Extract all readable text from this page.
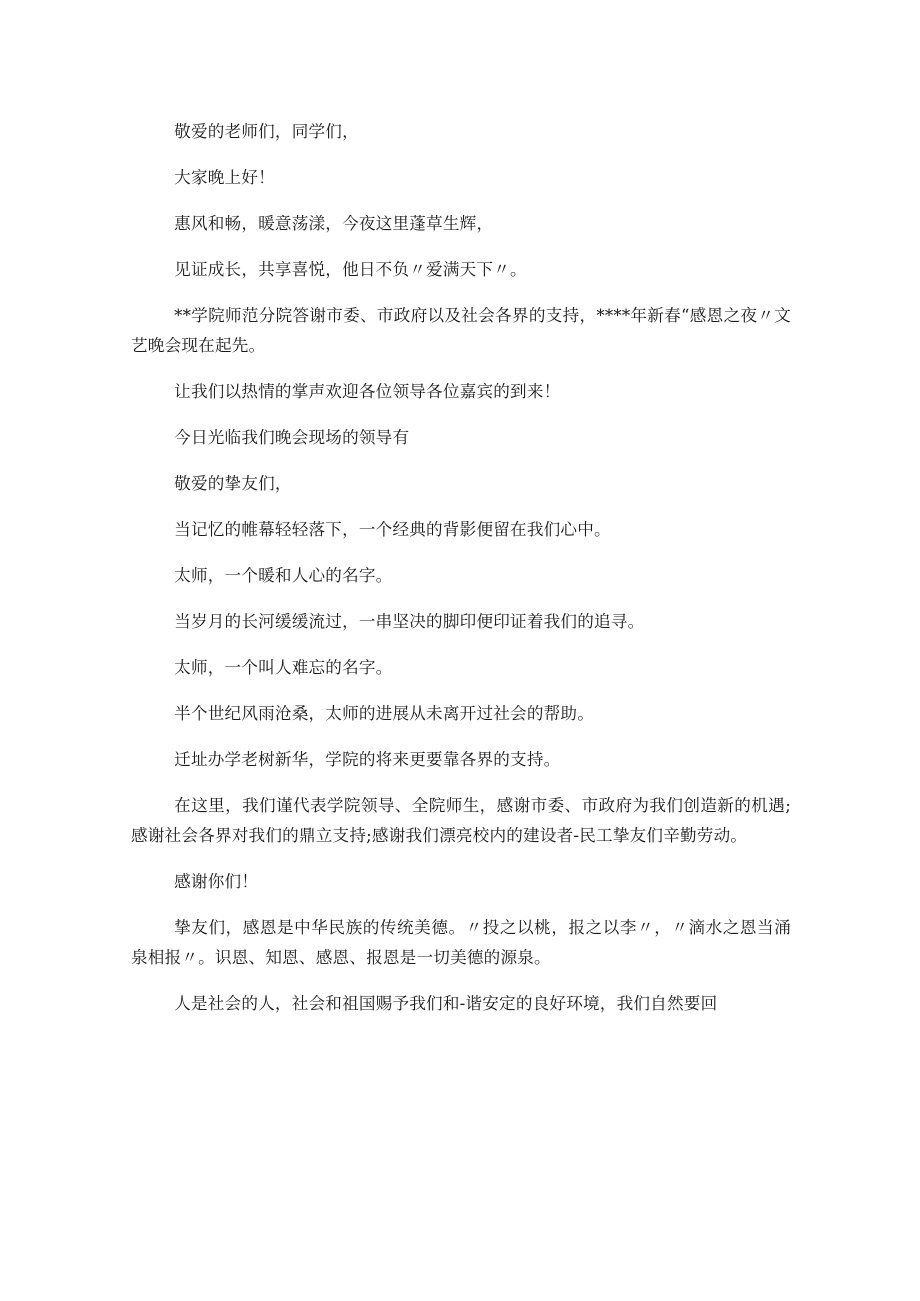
敬爱的老师们，同学们，

大家晚上好！

惠风和畅，暖意荡漾，今夜这里蓬草生辉，

见证成长，共享喜悦，他日不负〃爱满天下〃。

**学院师范分院答谢市委、市政府以及社会各界的支持，****年新春“感恩之夜〃文艺晚会现在起先。

让我们以热情的掌声欢迎各位领导各位嘉宾的到来！

今日光临我们晚会现场的领导有

敬爱的挚友们，

当记忆的帷幕轻轻落下，一个经典的背影便留在我们心中。

太师，一个暖和人心的名字。

当岁月的长河缓缓流过，一串坚决的脚印便印证着我们的追寻。

太师，一个叫人难忘的名字。

半个世纪风雨沧桑，太师的进展从未离开过社会的帮助。

迁址办学老树新华，学院的将来更要靠各界的支持。

在这里，我们谨代表学院领导、全院师生，感谢市委、市政府为我们创造新的机遇;感谢社会各界对我们的鼎立支持;感谢我们漂亮校内的建设者-民工挚友们辛勤劳动。

感谢你们！

挚友们，感恩是中华民族的传统美德。〃投之以桃，报之以李〃，〃滴水之恩当涌泉相报〃。识恩、知恩、感恩、报恩是一切美德的源泉。

人是社会的人，社会和祖国赐予我们和-谐安定的良好环境，我们自然要回
